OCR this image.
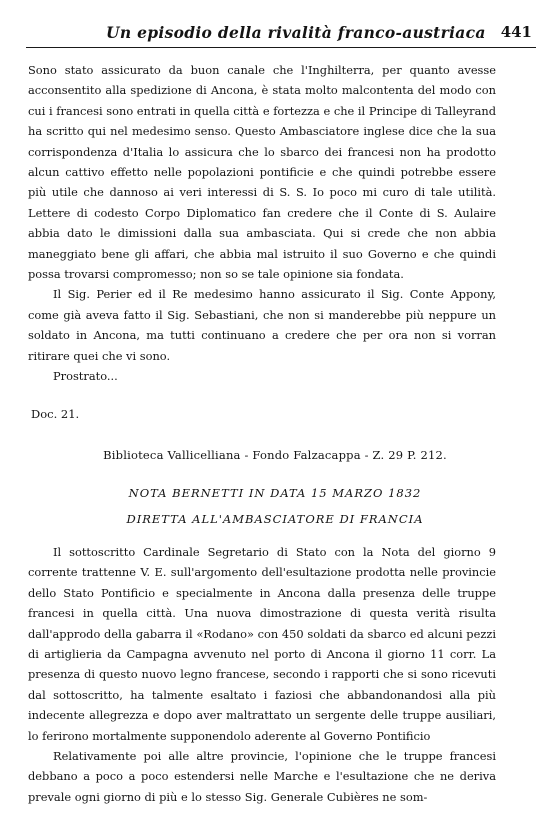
Un episodio della rivalità franco-austriaca 441

Sono stato assicurato da buon canale che l'Inghilterra, per quanto avesse acconsentito alla spedizione di Ancona, è stata molto malcontenta del modo con cui i francesi sono entrati in quella città e fortezza e che il Principe di Talleyrand ha scritto qui nel medesimo senso. Questo Ambasciatore inglese dice che la sua corrispondenza d'Italia lo assicura che lo sbarco dei francesi non ha prodotto alcun cattivo effetto nelle popolazioni pontificie e che quindi potrebbe essere più utile che dannoso ai veri interessi di S. S. Io poco mi curo di tale utilità. Lettere di codesto Corpo Diplomatico fan credere che il Conte di S. Aulaire abbia dato le dimissioni dalla sua ambasciata. Qui si crede che non abbia maneggiato bene gli affari, che abbia mal istruito il suo Governo e che quindi possa trovarsi compromesso; non so se tale opinione sia fondata.

Il Sig. Perier ed il Re medesimo hanno assicurato il Sig. Conte Appony, come già aveva fatto il Sig. Sebastiani, che non si manderebbe più neppure un soldato in Ancona, ma tutti continuano a credere che per ora non si vorran ritirare quei che vi sono.

Prostrato...

Doc. 21.
Biblioteca Vallicelliana - Fondo Falzacappa - Z. 29 P. 212.
NOTA BERNETTI IN DATA 15 MARZO 1832
DIRETTA ALL'AMBASCIATORE DI FRANCIA

Il sottoscritto Cardinale Segretario di Stato con la Nota del giorno 9 corrente trattenne V. E. sull'argomento dell'esultazione prodotta nelle provincie dello Stato Pontificio e specialmente in Ancona dalla presenza delle truppe francesi in quella città. Una nuova dimostrazione di questa verità risulta dall'approdo della gabarra il «Rodano» con 450 soldati da sbarco ed alcuni pezzi di artiglieria da Campagna avvenuto nel porto di Ancona il giorno 11 corr. La presenza di questo nuovo legno francese, secondo i rapporti che si sono ricevuti dal sottoscritto, ha talmente esaltato i faziosi che abbandonandosi alla più indecente allegrezza e dopo aver maltrattato un sergente delle truppe ausiliari, lo ferirono mortalmente supponendolo aderente al Governo Pontificio

Relativamente poi alle altre provincie, l'opinione che le truppe francesi debbano a poco a poco estendersi nelle Marche e l'esultazione che ne deriva prevale ogni giorno di più e lo stesso Sig. Generale Cubières ne som-
